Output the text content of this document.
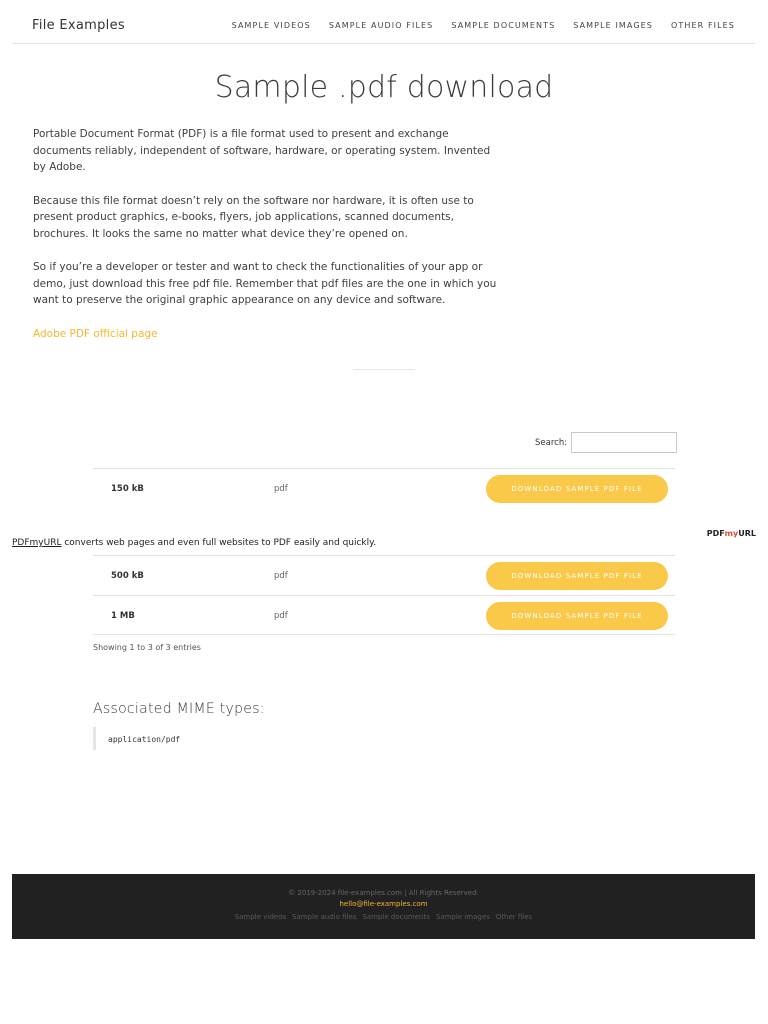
File Examples	SAMPLE VIDEOS SAMPLE AUDIO FILES SAMPLE DOCUMENTS SAMPLE IMAGES OTHER FILES
Sample .pdf download

Portable Document Format (PDF) is a file format used to present and exchange documents reliably, independent of software, hardware, or operating system. Invented by Adobe.

Because this file format doesn’t rely on the software nor hardware, it is often use to present product graphics, e-books, flyers, job applications, scanned documents, brochures. It looks the same no matter what device they’re opened on.

So if you’re a developer or tester and want to check the functionalities of your app or demo, just download this free pdf file. Remember that pdf files are the one in which you want to preserve the original graphic appearance on any device and software.

Adobe PDF official page

Search:
150 kB	pdf	DOWNLOAD SAMPLE PDF FILE
PDFmyURL converts web pages and even full websites to PDF easily and quickly.
PDFmyURL
500 kB	pdf	DOWNLOAD SAMPLE PDF FILE
1 MB	pdf	DOWNLOAD SAMPLE PDF FILE
Showing 1 to 3 of 3 entries
Associated MIME types:
application/pdf
© 2019-2024 file-examples.com | All Rights Reserved.
hello@file-examples.com
Sample videos Sample audio files Sample documents Sample images Other files
